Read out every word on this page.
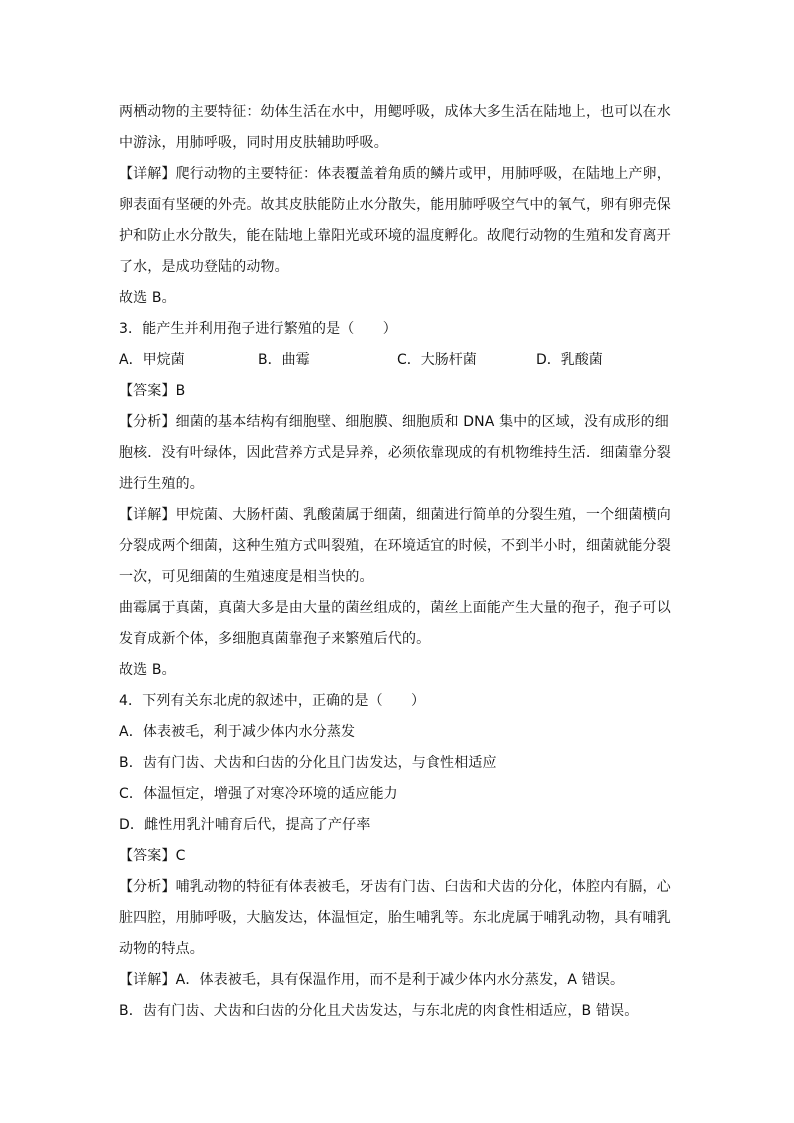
两栖动物的主要特征：幼体生活在水中，用鳃呼吸，成体大多生活在陆地上，也可以在水
中游泳，用肺呼吸，同时用皮肤辅助呼吸。
【详解】爬行动物的主要特征：体表覆盖着角质的鳞片或甲，用肺呼吸，在陆地上产卵，
卵表面有坚硬的外壳。故其皮肤能防止水分散失，能用肺呼吸空气中的氧气，卵有卵壳保
护和防止水分散失，能在陆地上靠阳光或环境的温度孵化。故爬行动物的生殖和发育离开
了水，是成功登陆的动物。
故选 B。
3．能产生并利用孢子进行繁殖的是（　　）
A．甲烷菌	B．曲霉	C．大肠杆菌	D．乳酸菌
【答案】B
【分析】细菌的基本结构有细胞壁、细胞膜、细胞质和 DNA 集中的区域，没有成形的细
胞核．没有叶绿体，因此营养方式是异养，必须依靠现成的有机物维持生活．细菌靠分裂
进行生殖的。
【详解】甲烷菌、大肠杆菌、乳酸菌属于细菌，细菌进行简单的分裂生殖，一个细菌横向
分裂成两个细菌，这种生殖方式叫裂殖，在环境适宜的时候，不到半小时，细菌就能分裂
一次，可见细菌的生殖速度是相当快的。
曲霉属于真菌，真菌大多是由大量的菌丝组成的，菌丝上面能产生大量的孢子，孢子可以
发育成新个体，多细胞真菌靠孢子来繁殖后代的。
故选 B。
4．下列有关东北虎的叙述中，正确的是（　　）
A．体表被毛，利于减少体内水分蒸发
B．齿有门齿、犬齿和臼齿的分化且门齿发达，与食性相适应
C．体温恒定，增强了对寒冷环境的适应能力
D．雌性用乳汁哺育后代，提高了产仔率
【答案】C
【分析】哺乳动物的特征有体表被毛，牙齿有门齿、臼齿和犬齿的分化，体腔内有膈，心
脏四腔，用肺呼吸，大脑发达，体温恒定，胎生哺乳等。东北虎属于哺乳动物，具有哺乳
动物的特点。
【详解】A．体表被毛，具有保温作用，而不是利于减少体内水分蒸发，A 错误。
B．齿有门齿、犬齿和臼齿的分化且犬齿发达，与东北虎的肉食性相适应，B 错误。
